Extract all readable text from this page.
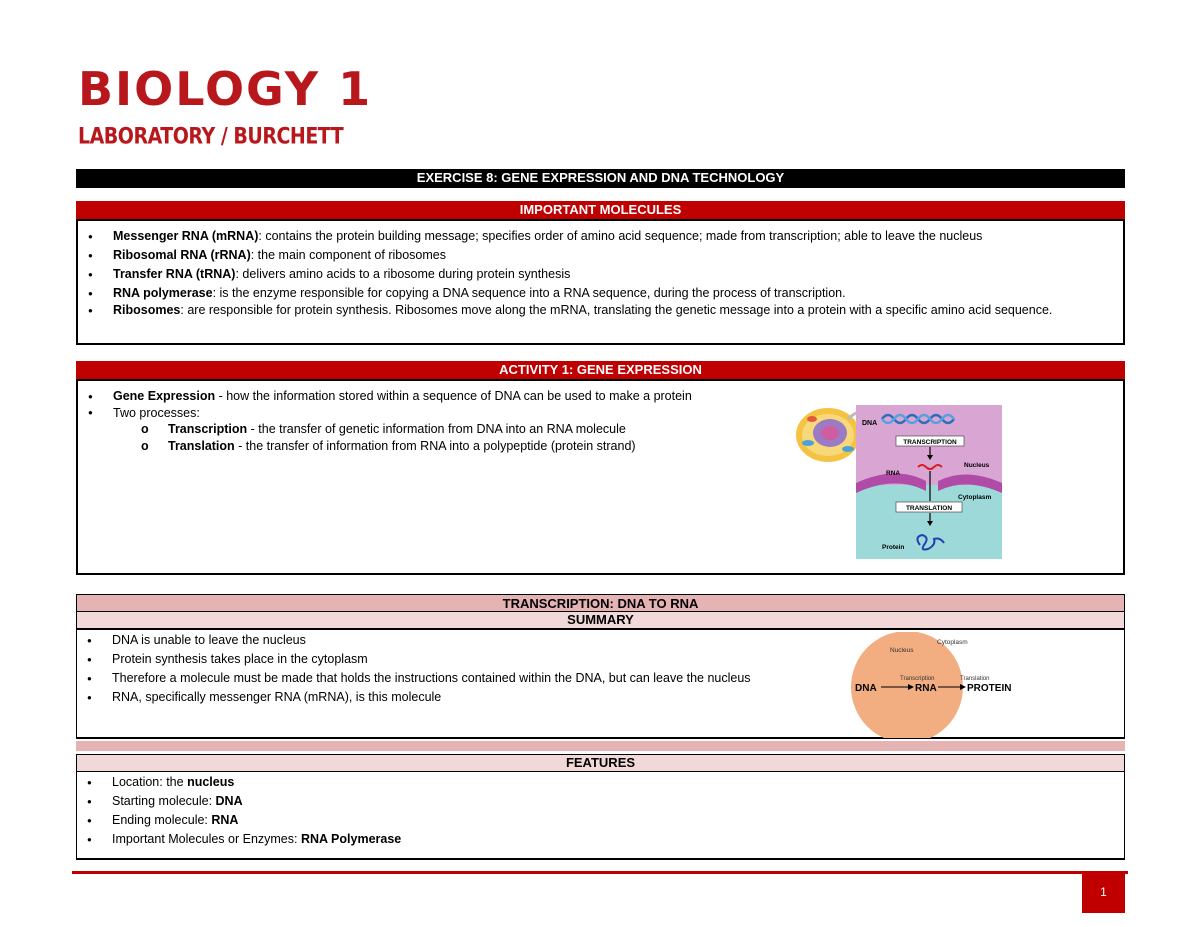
BIOLOGY 1
LABORATORY / BURCHETT
EXERCISE 8: GENE EXPRESSION AND DNA TECHNOLOGY
IMPORTANT MOLECULES
● Messenger RNA (mRNA): contains the protein building message; specifies order of amino acid sequence; made from transcription; able to leave the nucleus
● Ribosomal RNA (rRNA): the main component of ribosomes
● Transfer RNA (tRNA): delivers amino acids to a ribosome during protein synthesis
● RNA polymerase: is the enzyme responsible for copying a DNA sequence into a RNA sequence, during the process of transcription.
● Ribosomes: are responsible for protein synthesis. Ribosomes move along the mRNA, translating the genetic message into a protein with a specific amino acid sequence.
ACTIVITY 1: GENE EXPRESSION
● Gene Expression - how the information stored within a sequence of DNA can be used to make a protein
● Two processes:
o Transcription - the transfer of genetic information from DNA into an RNA molecule
o Translation - the transfer of information from RNA into a polypeptide (protein strand)
DNA
TRANSCRIPTION
RNA
Nucleus
Cytoplasm
TRANSLATION
Protein
TRANSCRIPTION: DNA TO RNA
SUMMARY
● DNA is unable to leave the nucleus
● Protein synthesis takes place in the cytoplasm
● Therefore a molecule must be made that holds the instructions contained within the DNA, but can leave the nucleus
● RNA, specifically messenger RNA (mRNA), is this molecule
Nucleus
Cytoplasm
Transcription	Translation
DNA	RNA	PROTEIN
FEATURES
● Location: the nucleus
● Starting molecule: DNA
● Ending molecule: RNA
● Important Molecules or Enzymes: RNA Polymerase
1
